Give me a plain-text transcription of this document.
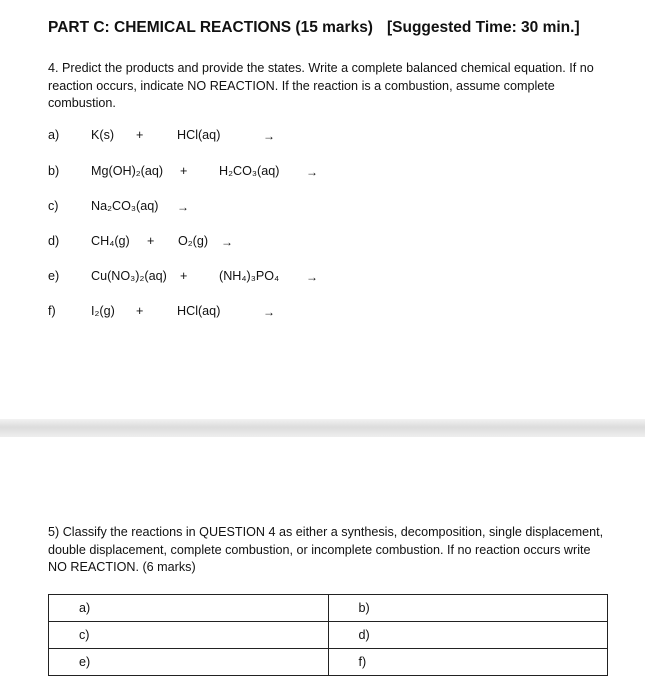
PART C: CHEMICAL REACTIONS (15 marks) [Suggested Time: 30 min.]
4. Predict the products and provide the states. Write a complete balanced chemical equation. If no reaction occurs, indicate NO REACTION. If the reaction is a combustion, assume complete combustion.
a)	K(s) +	HCl(aq)	→
b)	Mg(OH)₂(aq) +	H₂CO₃(aq) →
c)	Na₂CO₃(aq) →
d)	CH₄(g) + O₂(g) →
e)	Cu(NO₃)₂(aq) +	(NH₄)₃PO₄ →
f)	I₂(g) +	HCl(aq)	→
5) Classify the reactions in QUESTION 4 as either a synthesis, decomposition, single displacement, double displacement, complete combustion, or incomplete combustion. If no reaction occurs write NO REACTION. (6 marks)
a)	b)
c)	d)
e)	f)
